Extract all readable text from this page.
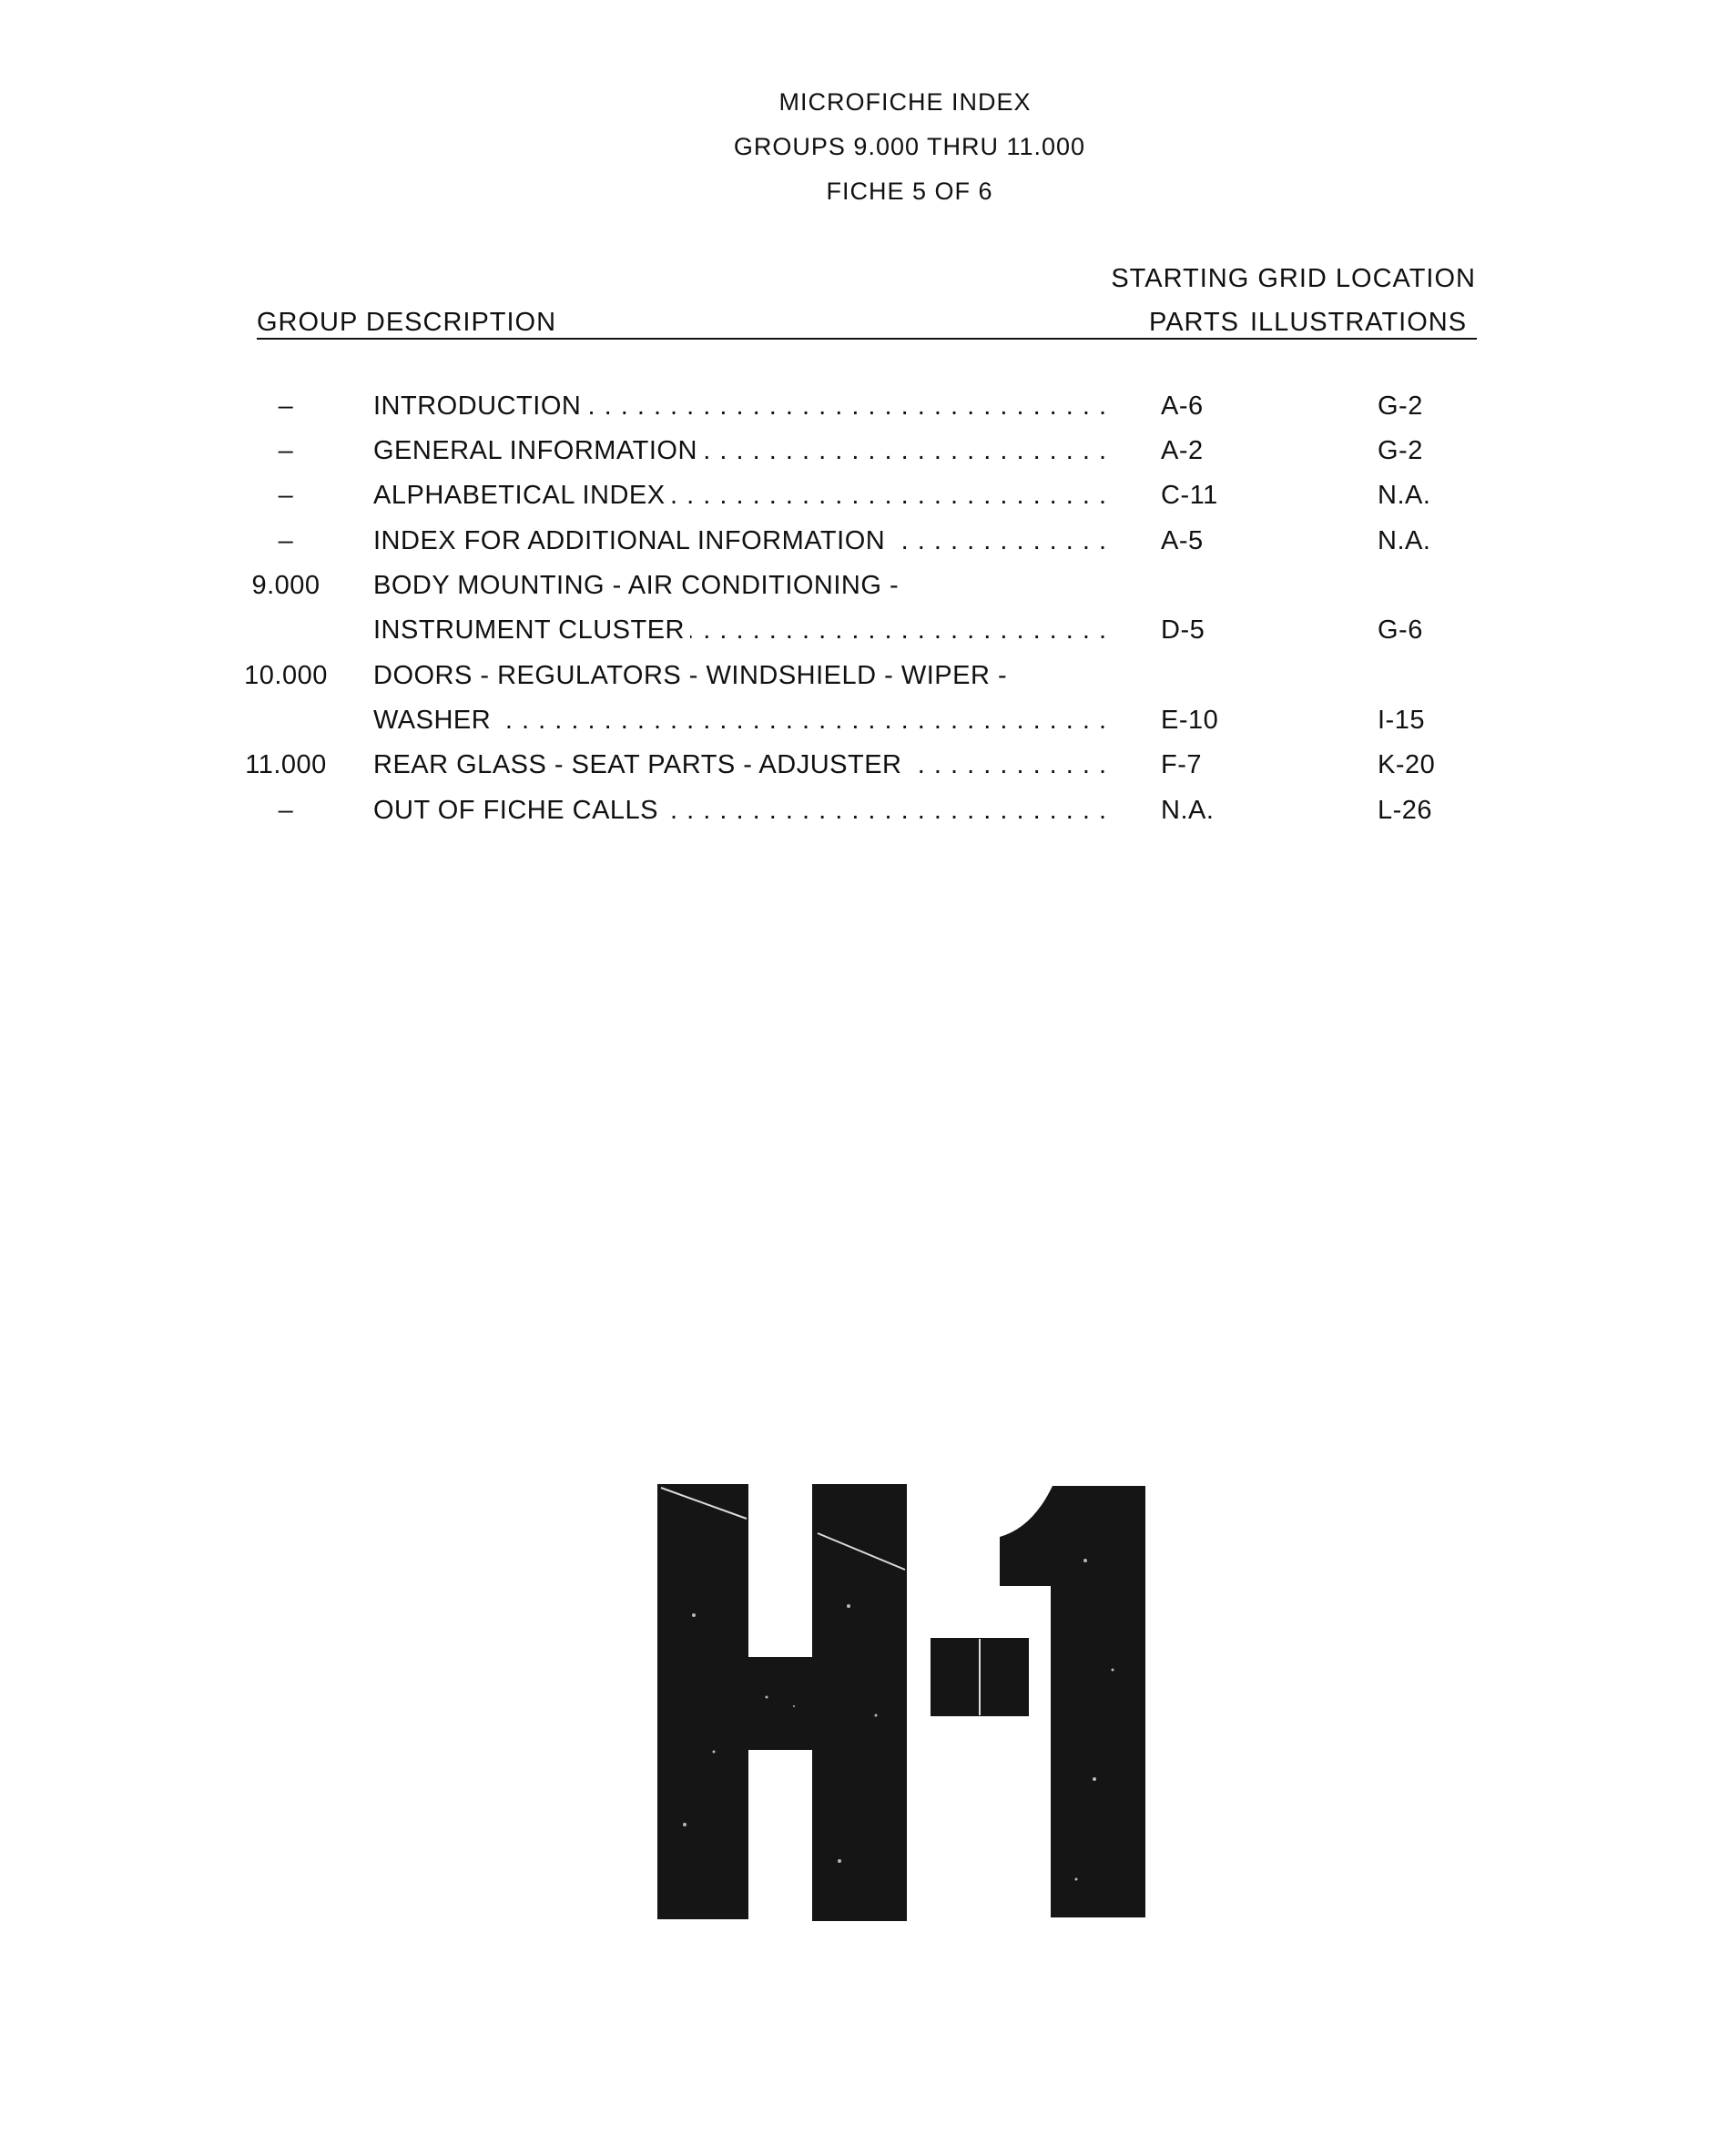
MICROFICHE INDEX
GROUPS 9.000 THRU 11.000
FICHE 5 OF 6
STARTING GRID LOCATION
GROUP DESCRIPTION	PARTS ILLUSTRATIONS
–	INTRODUCTION . . .	A-6	G-2
–	GENERAL INFORMATION . . .	A-2	G-2
–	ALPHABETICAL INDEX . . .	C-11	N.A.
–	INDEX FOR ADDITIONAL INFORMATION . . .	A-5	N.A.
9.000	BODY MOUNTING - AIR CONDITIONING -
INSTRUMENT CLUSTER . . .	D-5	G-6
10.000 DOORS - REGULATORS - WINDSHIELD - WIPER -
WASHER . . .	E-10	I-15
11.000	REAR GLASS - SEAT PARTS - ADJUSTER . . .	F-7	K-20
–	OUT OF FICHE CALLS . . .	N.A.	L-26
